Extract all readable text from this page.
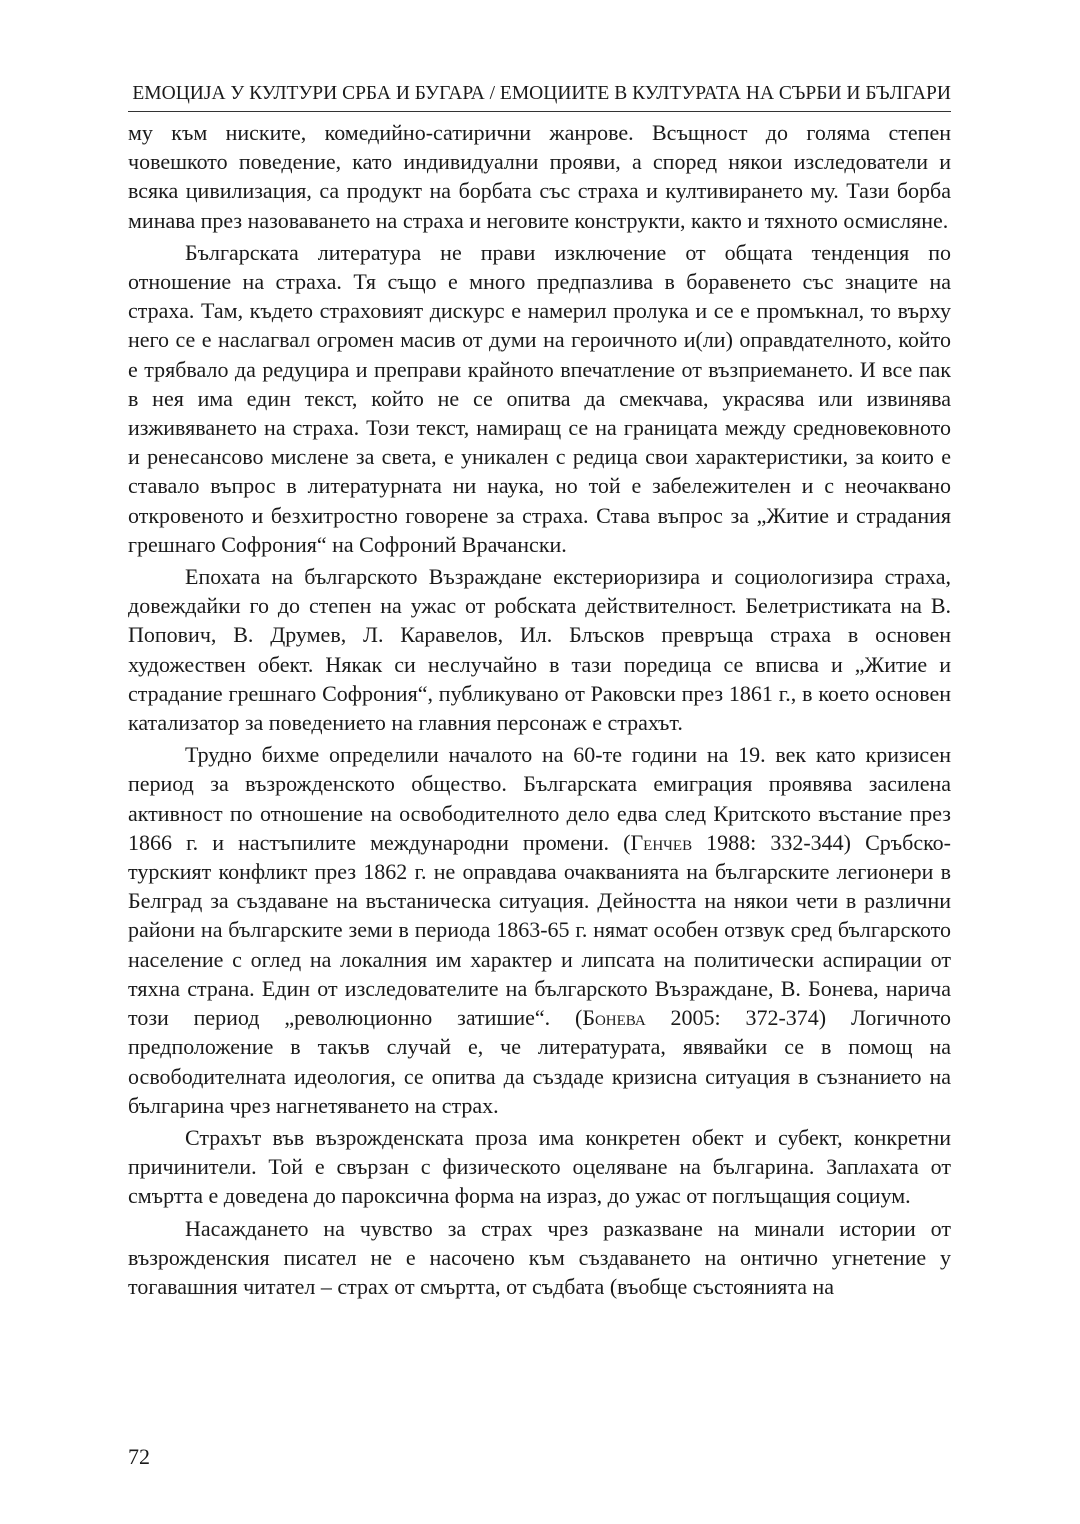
ЕМОЦИЈА У КУЛТУРИ СРБА И БУГАРА / ЕМОЦИИТЕ В КУЛТУРАТА НА СЪРБИ И БЪЛГАРИ

му към ниските, комедийно-сатирични жанрове. Всъщност до голяма степен човешкото поведение, като индивидуални прояви, а според някои изследователи и всяка цивилизация, са продукт на борбата със страха и култивирането му. Тази борба минава през назоваването на страха и неговите конструкти, както и тяхното осмисляне.

Българската литература не прави изключение от общата тенденция по отношение на страха. Тя също е много предпазлива в боравенето със знаците на страха. Там, където страховият дискурс е намерил пролука и се е промъкнал, то върху него се е наслагвал огромен масив от думи на героичното и(ли) оправдателното, който е трябвало да редуцира и преправи крайното впечатление от възприемането. И все пак в нея има един текст, който не се опитва да смекчава, украсява или извинява изживяването на страха. Този текст, намиращ се на границата между средновековното и ренесансово мислене за света, е уникален с редица свои характеристики, за които е ставало въпрос в литературната ни наука, но той е забележителен и с неочаквано откровеното и безхитростно говорене за страха. Става въпрос за „Житие и страдания грешнаго Софрония“ на Софроний Врачански.

Епохата на българското Възраждане екстериоризира и социологизира страха, довеждайки го до степен на ужас от робската действителност. Белетристиката на В. Попович, В. Друмев, Л. Каравелов, Ил. Блъсков превръща страха в основен художествен обект. Някак си неслучайно в тази поредица се вписва и „Житие и страдание грешнаго Софрония“, публикувано от Раковски през 1861 г., в което основен катализатор за поведението на главния персонаж е страхът.

Трудно бихме определили началото на 60-те години на 19. век като кризисен период за възрожденското общество. Българската емиграция проявява засилена активност по отношение на освободителното дело едва след Критското въстание през 1866 г. и настъпилите международни промени. (Генчев 1988: 332-344) Сръбско-турският конфликт през 1862 г. не оправдава очакванията на българските легионери в Белград за създаване на въстаническа ситуация. Дейността на някои чети в различни райони на българските земи в периода 1863-65 г. нямат особен отзвук сред българското население с оглед на локалния им характер и липсата на политически аспирации от тяхна страна. Един от изследователите на българското Възраждане, В. Бонева, нарича този период „революционно затишие“. (Бонева 2005: 372-374) Логичното предположение в такъв случай е, че литературата, явявайки се в помощ на освободителната идеология, се опитва да създаде кризисна ситуация в съзнанието на българина чрез нагнетяването на страх.

Страхът във възрожденската проза има конкретен обект и субект, конкретни причинители. Той е свързан с физическото оцеляване на българина. Заплахата от смъртта е доведена до пароксична форма на израз, до ужас от поглъщащия социум.

Насаждането на чувство за страх чрез разказване на минали истории от възрожденския писател не е насочено към създаването на онтично угнетение у тогавашния читател – страх от смъртта, от съдбата (въобще състоянията на

72
